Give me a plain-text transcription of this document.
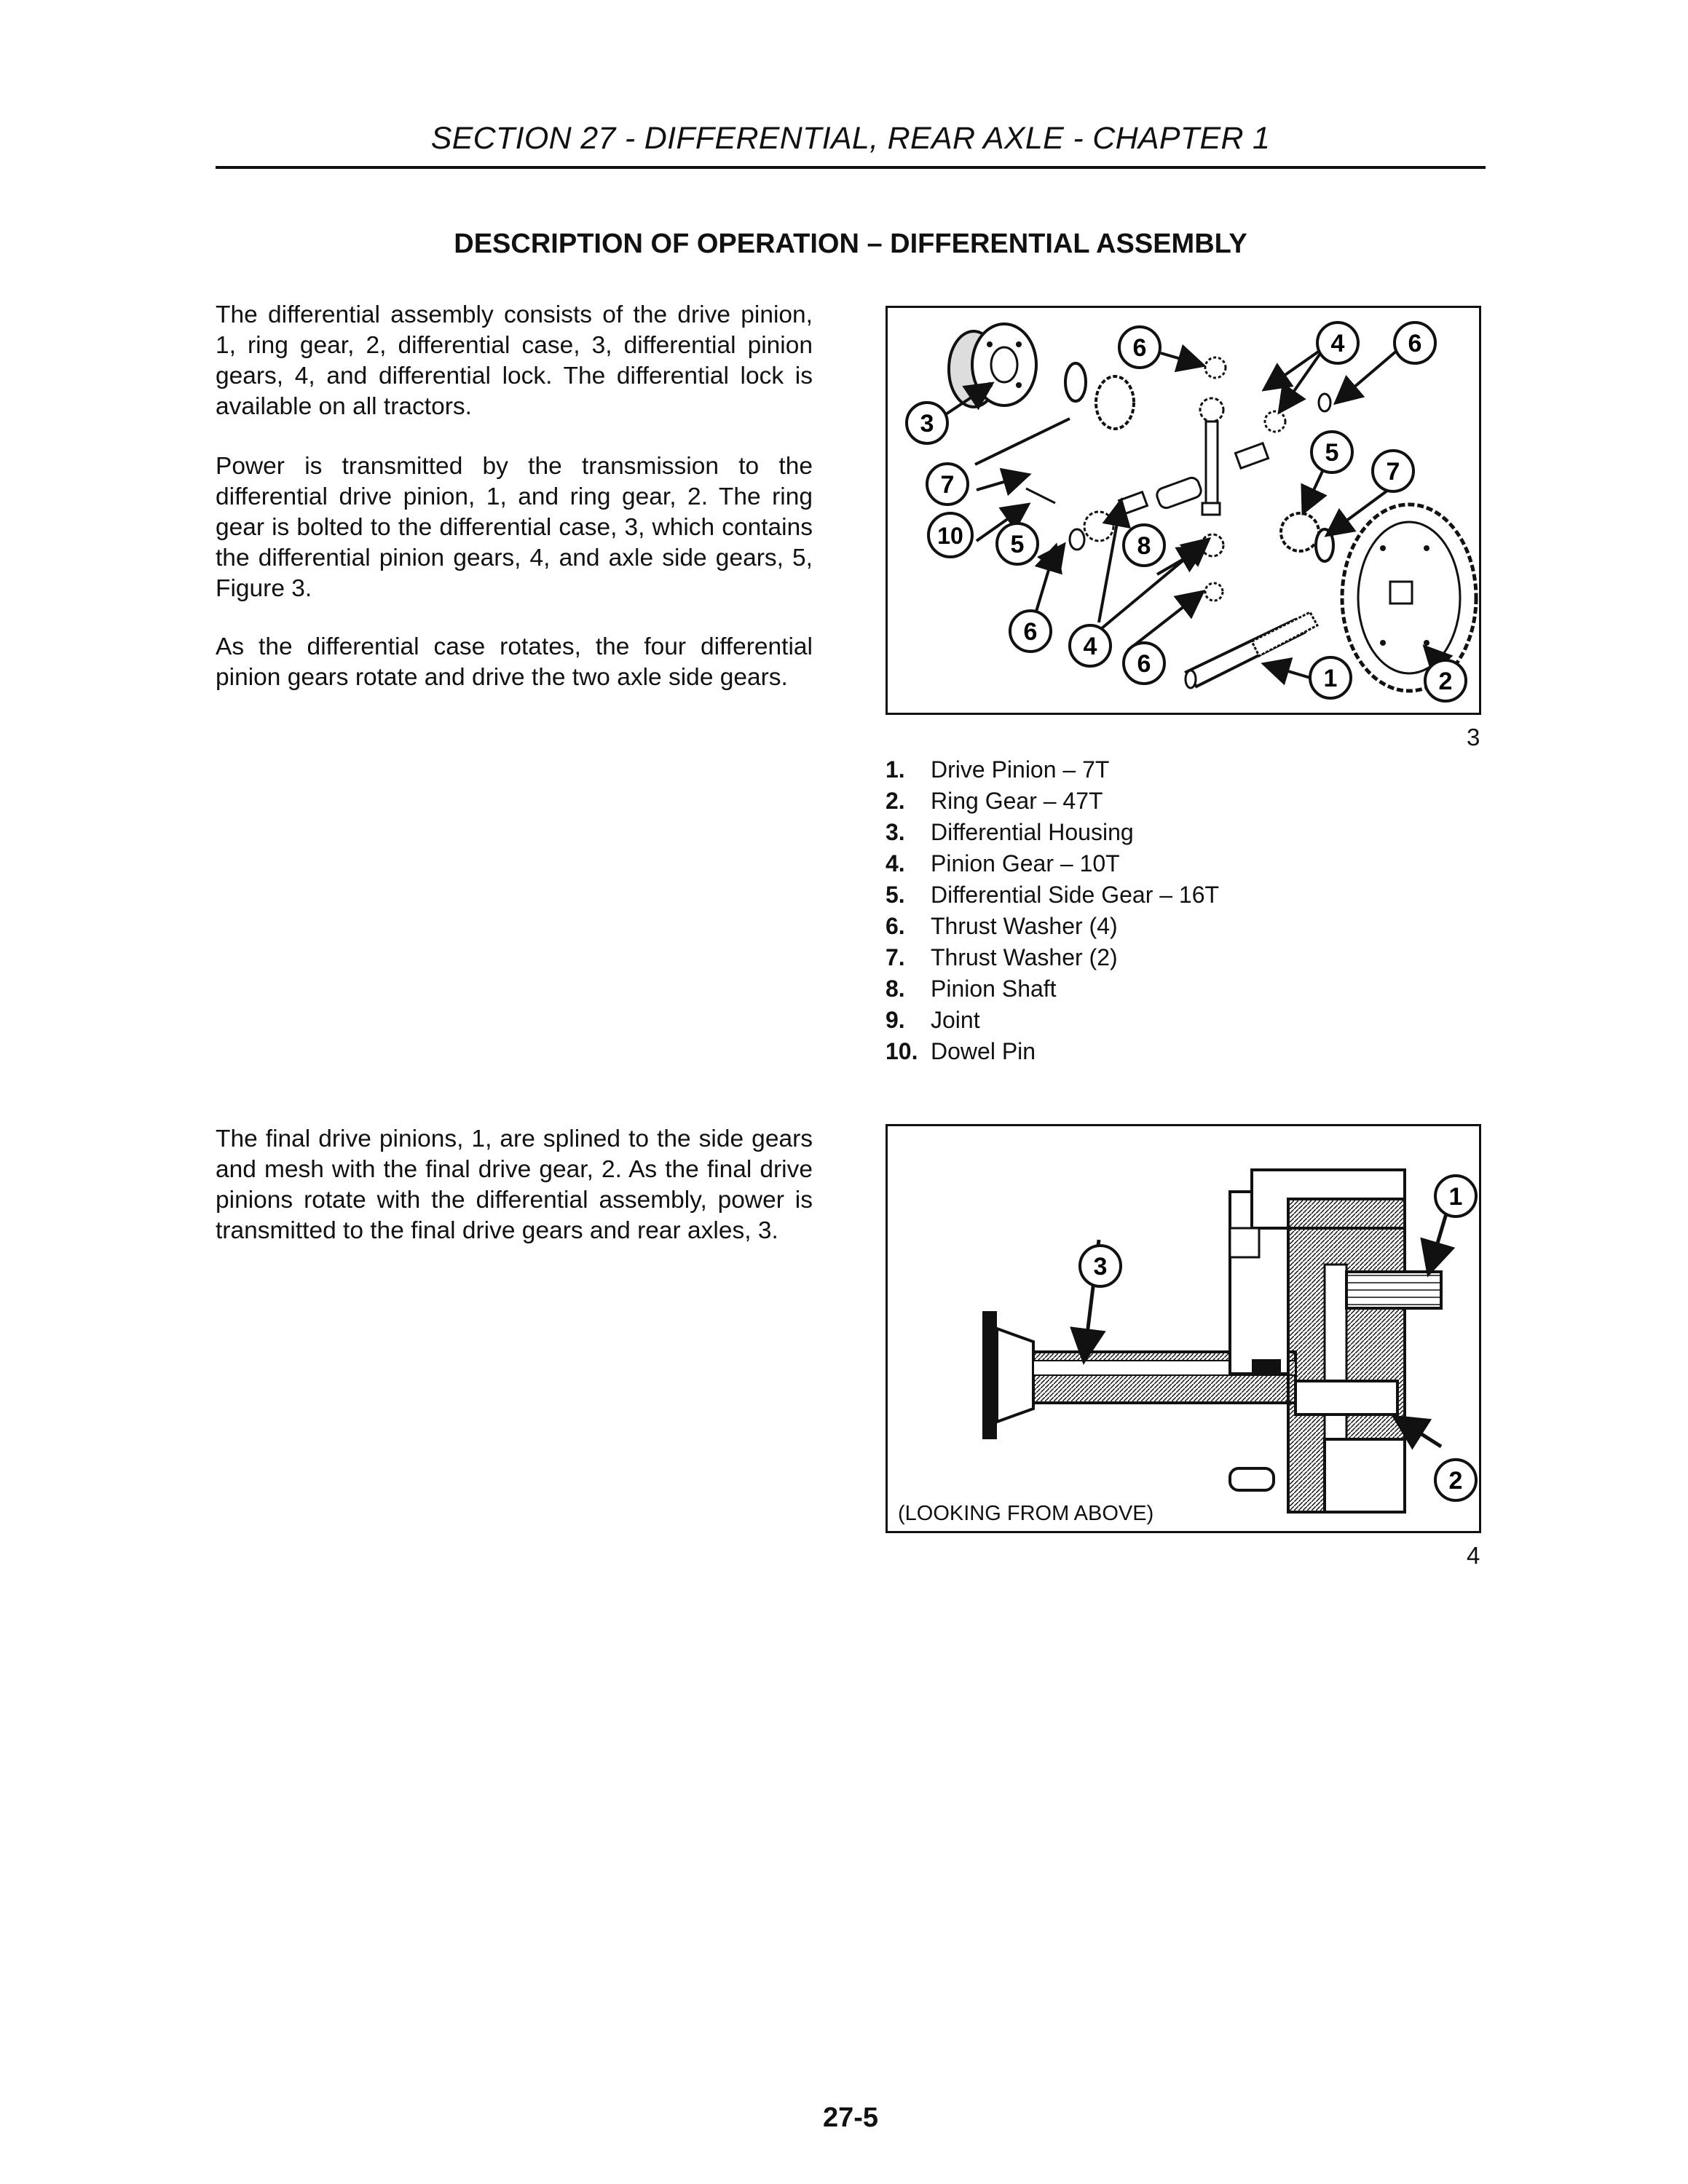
SECTION 27 - DIFFERENTIAL, REAR AXLE - CHAPTER 1
DESCRIPTION OF OPERATION – DIFFERENTIAL ASSEMBLY

The differential assembly consists of the drive pinion, 1, ring gear, 2, differential case, 3, differential pinion gears, 4, and differential lock. The differential lock is available on all tractors.

Power is transmitted by the transmission to the differential drive pinion, 1, and ring gear, 2. The ring gear is bolted to the differential case, 3, which contains the differential pinion gears, 4, and axle side gears, 5, Figure 3.

As the differential case rotates, the four differential pinion gears rotate and drive the two axle side gears.

The final drive pinions, 1, are splined to the side gears and mesh with the final drive gear, 2. As the final drive pinions rotate with the differential assembly, power is transmitted to the final drive gears and rear axles, 3.

6	4	6
3
5
7
7
10 5	8
6
4
6
1	2
3
1.	Drive Pinion – 7T
2.	Ring Gear – 47T
3.	Differential Housing
4.	Pinion Gear – 10T
5.	Differential Side Gear – 16T
6.	Thrust Washer (4)
7.	Thrust Washer (2)
8.	Pinion Shaft
9.	Joint
10. Dowel Pin
1
3
2
(LOOKING FROM ABOVE)
4
27-5
